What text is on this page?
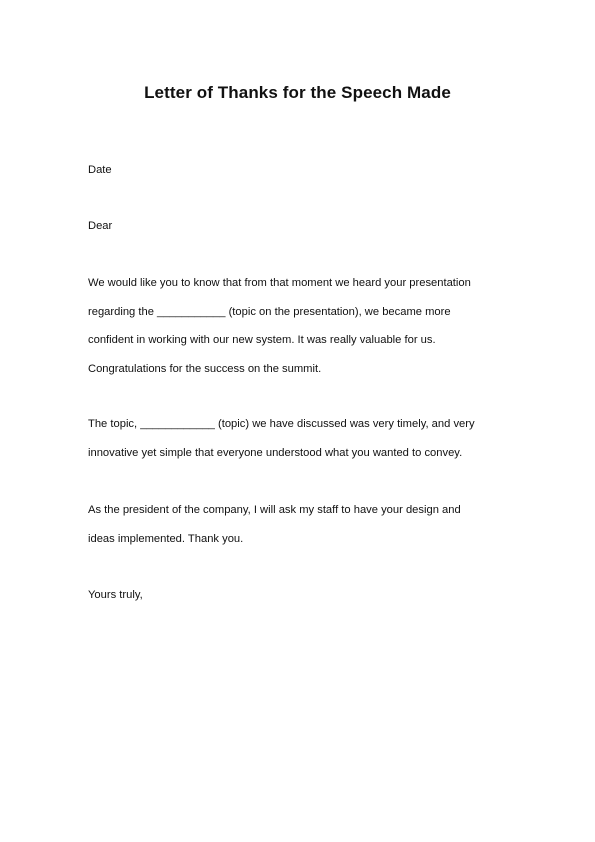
Letter of Thanks for the Speech Made
Date
Dear
We would like you to know that from that moment we heard your presentation
regarding the ___________ (topic on the presentation), we became more
confident in working with our new system. It was really valuable for us.
Congratulations for the success on the summit.
The topic, ____________ (topic) we have discussed was very timely, and very
innovative yet simple that everyone understood what you wanted to convey.
As the president of the company, I will ask my staff to have your design and
ideas implemented. Thank you.
Yours truly,
